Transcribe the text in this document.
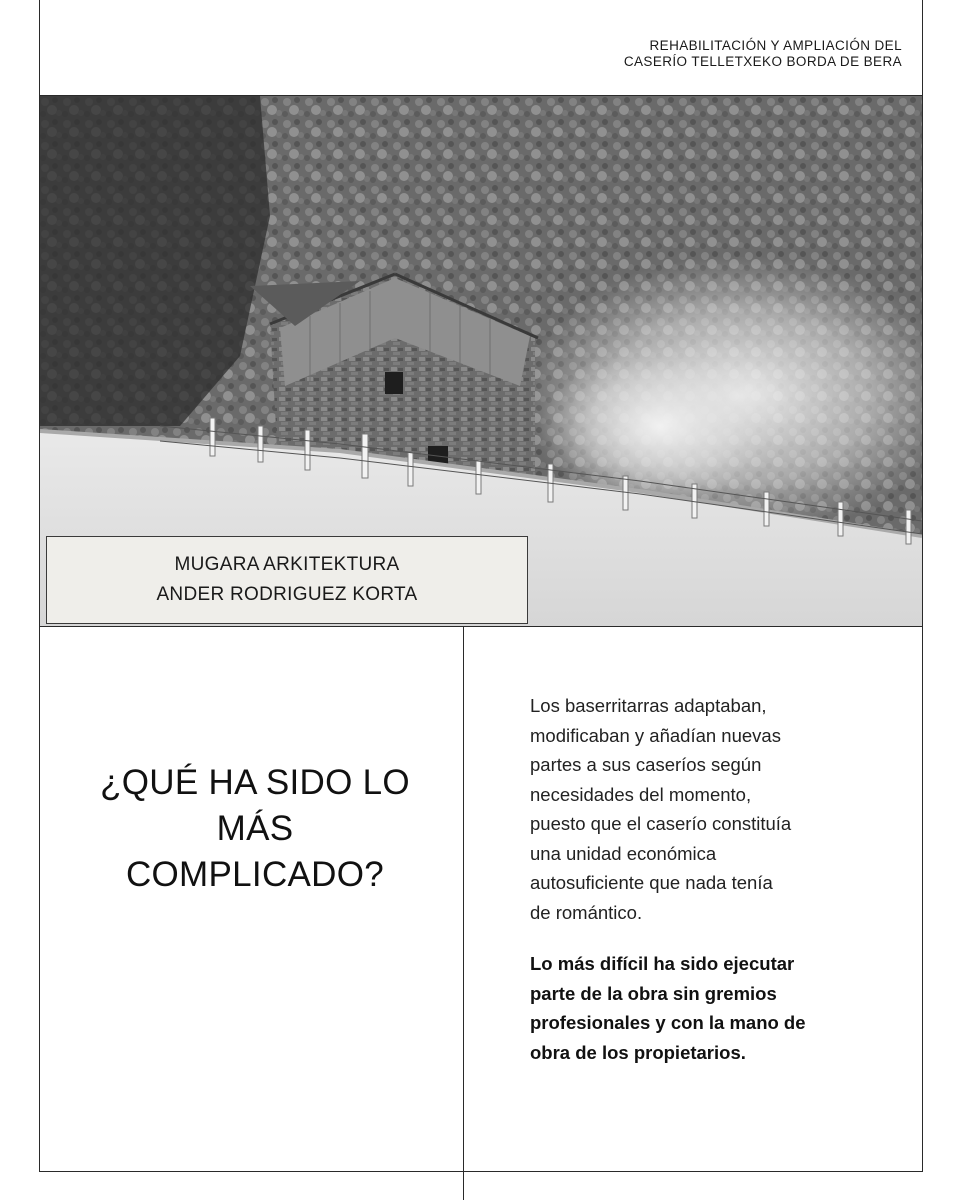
REHABILITACIÓN Y AMPLIACIÓN DEL
CASERÍO TELLETXEKO BORDA DE BERA
MUGARA ARKITEKTURA
ANDER RODRIGUEZ KORTA
¿QUÉ HA SIDO LO
MÁS
COMPLICADO?
Los baserritarras adaptaban,
modificaban y añadían nuevas
partes a sus caseríos según
necesidades del momento,
puesto que el caserío constituía
una unidad económica
autosuficiente que nada tenía
de romántico.
Lo más difícil ha sido ejecutar
parte de la obra sin gremios
profesionales y con la mano de
obra de los propietarios.
